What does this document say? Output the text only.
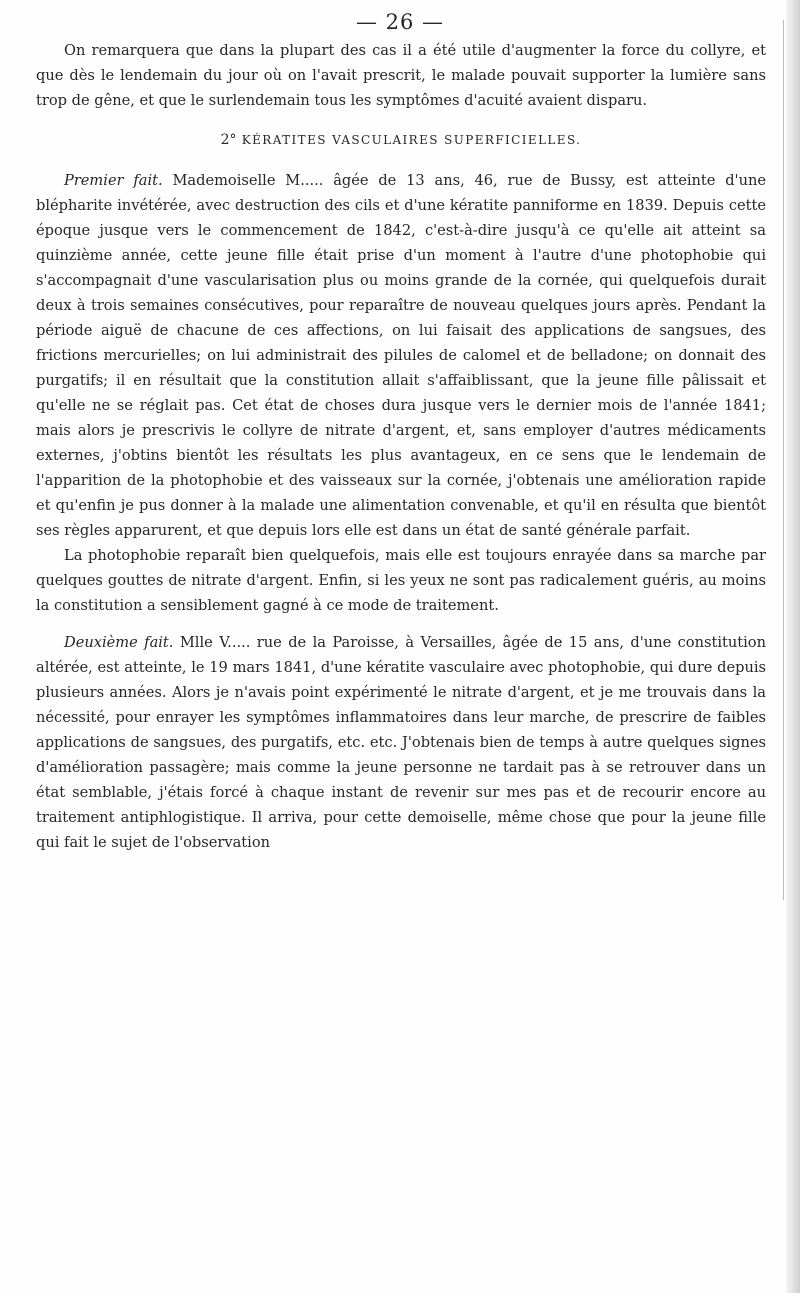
— 26 —

On remarquera que dans la plupart des cas il a été utile d'augmenter la force du collyre, et que dès le lendemain du jour où on l'avait prescrit, le malade pouvait supporter la lumière sans trop de gêne, et que le surlendemain tous les symptômes d'acuité avaient disparu.

2° KÉRATITES VASCULAIRES SUPERFICIELLES.

Premier fait. Mademoiselle M..... âgée de 13 ans, 46, rue de Bussy, est atteinte d'une blépharite invétérée, avec destruction des cils et d'une kératite panniforme en 1839. Depuis cette époque jusque vers le commencement de 1842, c'est-à-dire jusqu'à ce qu'elle ait atteint sa quinzième année, cette jeune fille était prise d'un moment à l'autre d'une photophobie qui s'accompagnait d'une vascularisation plus ou moins grande de la cornée, qui quelquefois durait deux à trois semaines consécutives, pour reparaître de nouveau quelques jours après. Pendant la période aiguë de chacune de ces affections, on lui faisait des applications de sangsues, des frictions mercurielles; on lui administrait des pilules de calomel et de belladone; on donnait des purgatifs; il en résultait que la constitution allait s'affaiblissant, que la jeune fille pâlissait et qu'elle ne se réglait pas. Cet état de choses dura jusque vers le dernier mois de l'année 1841; mais alors je prescrivis le collyre de nitrate d'argent, et, sans employer d'autres médicaments externes, j'obtins bientôt les résultats les plus avantageux, en ce sens que le lendemain de l'apparition de la photophobie et des vaisseaux sur la cornée, j'obtenais une amélioration rapide et qu'enfin je pus donner à la malade une alimentation convenable, et qu'il en résulta que bientôt ses règles apparurent, et que depuis lors elle est dans un état de santé générale parfait.

La photophobie reparaît bien quelquefois, mais elle est toujours enrayée dans sa marche par quelques gouttes de nitrate d'argent. Enfin, si les yeux ne sont pas radicalement guéris, au moins la constitution a sensiblement gagné à ce mode de traitement.

Deuxième fait. Mlle V..... rue de la Paroisse, à Versailles, âgée de 15 ans, d'une constitution altérée, est atteinte, le 19 mars 1841, d'une kératite vasculaire avec photophobie, qui dure depuis plusieurs années. Alors je n'avais point expérimenté le nitrate d'argent, et je me trouvais dans la nécessité, pour enrayer les symptômes inflammatoires dans leur marche, de prescrire de faibles applications de sangsues, des purgatifs, etc. etc. J'obtenais bien de temps à autre quelques signes d'amélioration passagère; mais comme la jeune personne ne tardait pas à se retrouver dans un état semblable, j'étais forcé à chaque instant de revenir sur mes pas et de recourir encore au traitement antiphlogistique. Il arriva, pour cette demoiselle, même chose que pour la jeune fille qui fait le sujet de l'observation
